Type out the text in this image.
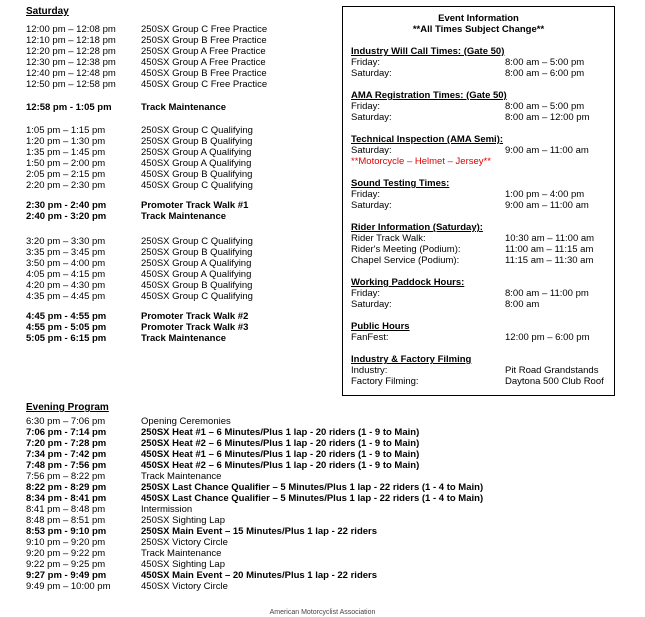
Saturday
12:00 pm – 12:08 pm	250SX Group C Free Practice
12:10 pm – 12:18 pm	250SX Group B Free Practice
12:20 pm – 12:28 pm	250SX Group A Free Practice
12:30 pm – 12:38 pm	450SX Group A Free Practice
12:40 pm – 12:48 pm	450SX Group B Free Practice
12:50 pm – 12:58 pm	450SX Group C Free Practice
12:58 pm - 1:05 pm	Track Maintenance
1:05 pm – 1:15 pm	250SX Group C Qualifying
1:20 pm – 1:30 pm	250SX Group B Qualifying
1:35 pm – 1:45 pm	250SX Group A Qualifying
1:50 pm – 2:00 pm	450SX Group A Qualifying
2:05 pm – 2:15 pm	450SX Group B Qualifying
2:20 pm – 2:30 pm	450SX Group C Qualifying
2:30 pm - 2:40 pm	Promoter Track Walk #1
2:40 pm - 3:20 pm	Track Maintenance
3:20 pm – 3:30 pm	250SX Group C Qualifying
3:35 pm – 3:45 pm	250SX Group B Qualifying
3:50 pm – 4:00 pm	250SX Group A Qualifying
4:05 pm – 4:15 pm	450SX Group A Qualifying
4:20 pm – 4:30 pm	450SX Group B Qualifying
4:35 pm – 4:45 pm	450SX Group C Qualifying
4:45 pm - 4:55 pm	Promoter Track Walk #2
4:55 pm - 5:05 pm	Promoter Track Walk #3
5:05 pm - 6:15 pm	Track Maintenance
Event Information
**All Times Subject Change**
Industry Will Call Times: (Gate 50)
Friday:	8:00 am – 5:00 pm
Saturday:	8:00 am – 6:00 pm
AMA Registration Times: (Gate 50)
Friday:	8:00 am – 5:00 pm
Saturday:	8:00 am – 12:00 pm
Technical Inspection (AMA Semi):
Saturday:	9:00 am – 11:00 am
**Motorcycle – Helmet – Jersey**
Sound Testing Times:
Friday:	1:00 pm – 4:00 pm
Saturday:	9:00 am – 11:00 am
Rider Information (Saturday):
Rider Track Walk:	10:30 am – 11:00 am
Rider's Meeting (Podium):	11:00 am – 11:15 am
Chapel Service (Podium):	11:15 am – 11:30 am
Working Paddock Hours:
Friday:	8:00 am – 11:00 pm
Saturday:	8:00 am
Public Hours
FanFest:	12:00 pm – 6:00 pm
Industry & Factory Filming
Industry:	Pit Road Grandstands
Factory Filming:	Daytona 500 Club Roof
Evening Program
6:30 pm – 7:06 pm	Opening Ceremonies
7:06 pm - 7:14 pm	250SX Heat #1 – 6 Minutes/Plus 1 lap - 20 riders (1 - 9 to Main)
7:20 pm - 7:28 pm	250SX Heat #2 – 6 Minutes/Plus 1 lap - 20 riders (1 - 9 to Main)
7:34 pm - 7:42 pm	450SX Heat #1 – 6 Minutes/Plus 1 lap - 20 riders (1 - 9 to Main)
7:48 pm - 7:56 pm	450SX Heat #2 – 6 Minutes/Plus 1 lap - 20 riders (1 - 9 to Main)
7:56 pm – 8:22 pm	Track Maintenance
8:22 pm - 8:29 pm	250SX Last Chance Qualifier – 5 Minutes/Plus 1 lap - 22 riders (1 - 4 to Main)
8:34 pm - 8:41 pm	450SX Last Chance Qualifier – 5 Minutes/Plus 1 lap - 22 riders (1 - 4 to Main)
8:41 pm – 8:48 pm	Intermission
8:48 pm – 8:51 pm	250SX Sighting Lap
8:53 pm - 9:10 pm	250SX Main Event – 15 Minutes/Plus 1 lap - 22 riders
9:10 pm – 9:20 pm	250SX Victory Circle
9:20 pm – 9:22 pm	Track Maintenance
9:22 pm – 9:25 pm	450SX Sighting Lap
9:27 pm - 9:49 pm	450SX Main Event – 20 Minutes/Plus 1 lap - 22 riders
9:49 pm – 10:00 pm	450SX Victory Circle
American Motorcyclist Association
